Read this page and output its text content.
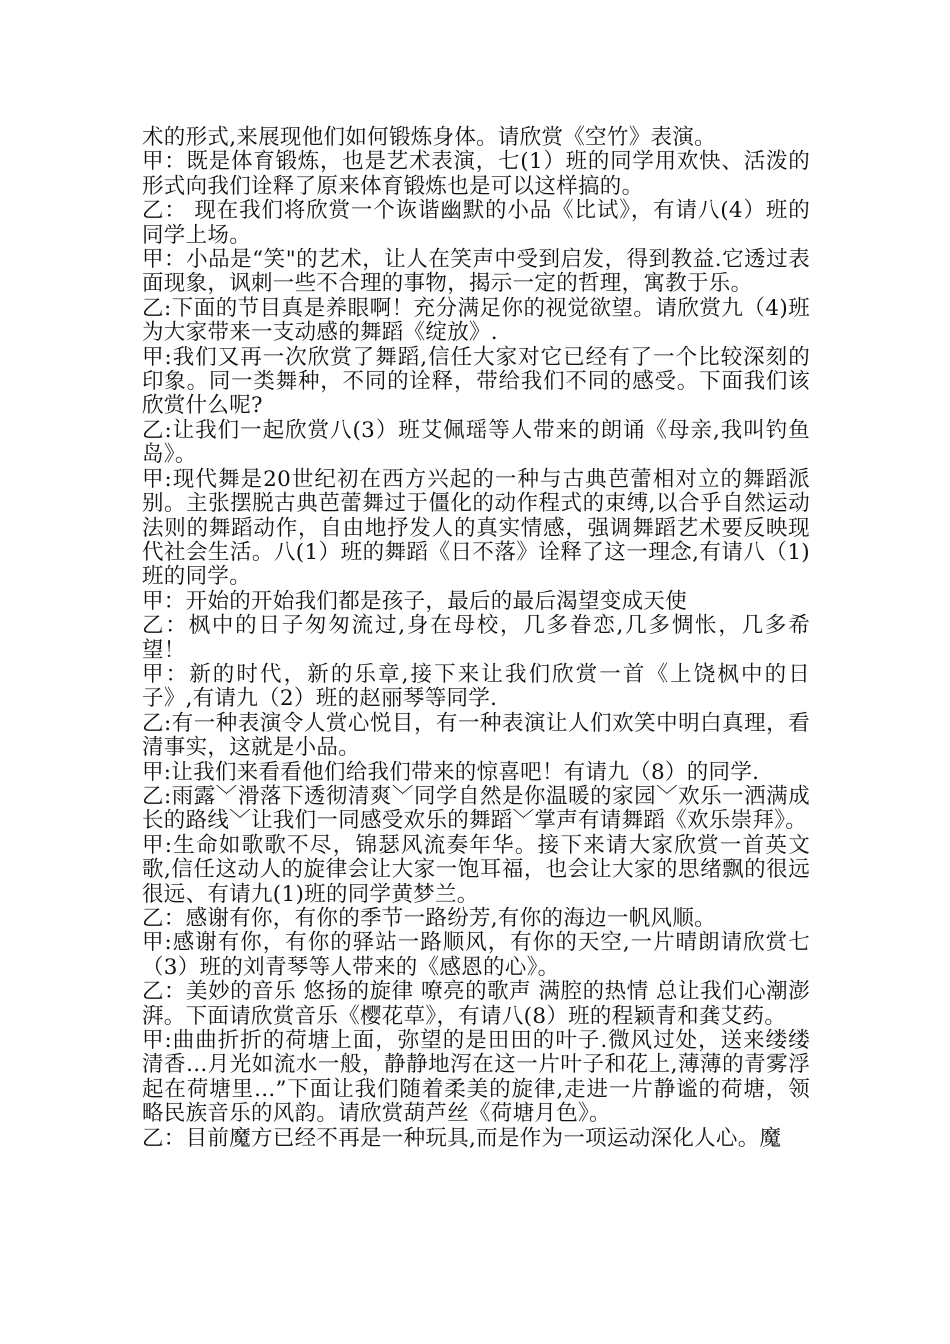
术的形式,来展现他们如何锻炼身体。请欣赏《空竹》表演。

甲：既是体育锻炼，也是艺术表演，七(1）班的同学用欢快、活泼的形式向我们诠释了原来体育锻炼也是可以这样搞的。

乙： 现在我们将欣赏一个诙谐幽默的小品《比试》，有请八(4）班的同学上场。

甲：小品是“笑"的艺术，让人在笑声中受到启发，得到教益.它透过表面现象，讽刺一些不合理的事物，揭示一定的哲理，寓教于乐。

乙:下面的节目真是养眼啊！充分满足你的视觉欲望。请欣赏九（4)班为大家带来一支动感的舞蹈《绽放》.

甲:我们又再一次欣赏了舞蹈,信任大家对它已经有了一个比较深刻的印象。同一类舞种，不同的诠释，带给我们不同的感受。下面我们该欣赏什么呢?

乙:让我们一起欣赏八(3）班艾佩瑶等人带来的朗诵《母亲,我叫钓鱼岛》。

甲:现代舞是20世纪初在西方兴起的一种与古典芭蕾相对立的舞蹈派别。主张摆脱古典芭蕾舞过于僵化的动作程式的束缚,以合乎自然运动法则的舞蹈动作，自由地抒发人的真实情感，强调舞蹈艺术要反映现代社会生活。八(1）班的舞蹈《日不落》诠释了这一理念,有请八（1)班的同学。

甲：开始的开始我们都是孩子，最后的最后渴望变成天使

乙：枫中的日子匆匆流过,身在母校，几多眷恋,几多惆怅，几多希望！

甲：新的时代，新的乐章,接下来让我们欣赏一首《上饶枫中的日子》,有请九（2）班的赵丽琴等同学.

乙:有一种表演令人赏心悦目，有一种表演让人们欢笑中明白真理，看清事实，这就是小品。

甲:让我们来看看他们给我们带来的惊喜吧！有请九（8）的同学.

乙:雨露﹀滑落下透彻清爽﹀同学自然是你温暖的家园﹀欢乐一洒满成长的路线﹀让我们一同感受欢乐的舞蹈﹀掌声有请舞蹈《欢乐崇拜》。

甲:生命如歌歌不尽，锦瑟风流奏年华。接下来请大家欣赏一首英文歌,信任这动人的旋律会让大家一饱耳福，也会让大家的思绪飘的很远很远、有请九(1)班的同学黄梦兰。

乙：感谢有你，有你的季节一路纷芳,有你的海边一帆风顺。

甲:感谢有你，有你的驿站一路顺风，有你的天空,一片晴朗请欣赏七（3）班的刘青琴等人带来的《感恩的心》。

乙：美妙的音乐 悠扬的旋律 嘹亮的歌声 满腔的热情 总让我们心潮澎湃。下面请欣赏音乐《樱花草》，有请八(8）班的程颖青和龚艾药。

甲:曲曲折折的荷塘上面，弥望的是田田的叶子.微风过处，送来缕缕清香...月光如流水一般，静静地泻在这一片叶子和花上,薄薄的青雾浮起在荷塘里...”下面让我们随着柔美的旋律,走进一片静谧的荷塘，领略民族音乐的风韵。请欣赏葫芦丝《荷塘月色》。

乙：目前魔方已经不再是一种玩具,而是作为一项运动深化人心。魔
